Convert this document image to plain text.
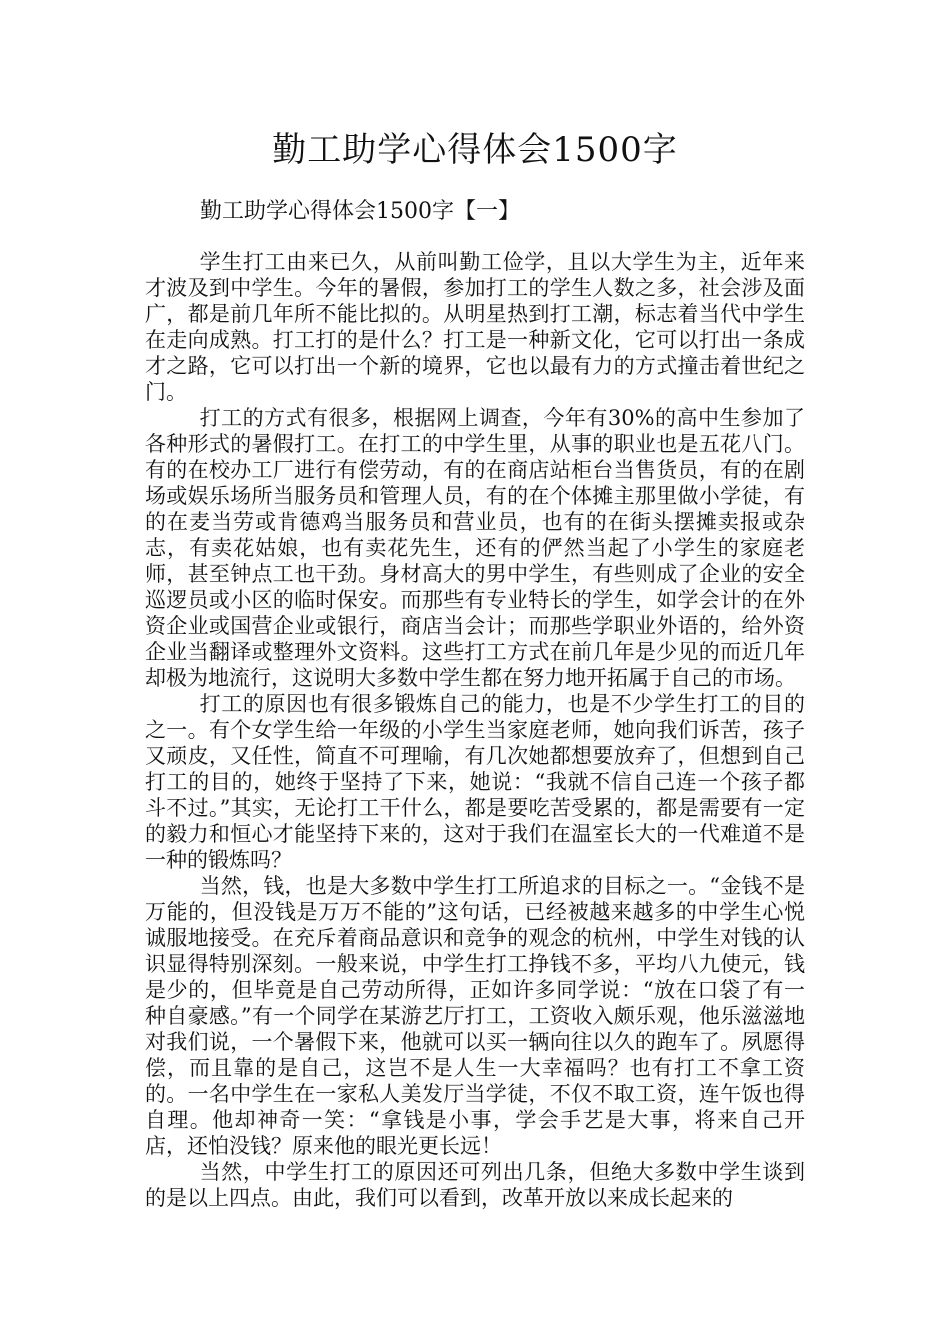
勤工助学心得体会1500字

勤工助学心得体会1500字【一】

学生打工由来已久，从前叫勤工俭学，且以大学生为主，近年来才波及到中学生。今年的暑假，参加打工的学生人数之多，社会涉及面广，都是前几年所不能比拟的。从明星热到打工潮，标志着当代中学生在走向成熟。打工打的是什么？打工是一种新文化，它可以打出一条成才之路，它可以打出一个新的境界，它也以最有力的方式撞击着世纪之门。

打工的方式有很多，根据网上调查，今年有30%的高中生参加了各种形式的暑假打工。在打工的中学生里，从事的职业也是五花八门。有的在校办工厂进行有偿劳动，有的在商店站柜台当售货员，有的在剧场或娱乐场所当服务员和管理人员，有的在个体摊主那里做小学徒，有的在麦当劳或肯德鸡当服务员和营业员，也有的在街头摆摊卖报或杂志，有卖花姑娘，也有卖花先生，还有的俨然当起了小学生的家庭老师，甚至钟点工也干劲。身材高大的男中学生，有些则成了企业的安全巡逻员或小区的临时保安。而那些有专业特长的学生，如学会计的在外资企业或国营企业或银行，商店当会计；而那些学职业外语的，给外资企业当翻译或整理外文资料。这些打工方式在前几年是少见的而近几年却极为地流行，这说明大多数中学生都在努力地开拓属于自己的市场。

打工的原因也有很多锻炼自己的能力，也是不少学生打工的目的之一。有个女学生给一年级的小学生当家庭老师，她向我们诉苦，孩子又顽皮，又任性，简直不可理喻，有几次她都想要放弃了，但想到自己打工的目的，她终于坚持了下来，她说：“我就不信自己连一个孩子都斗不过。”其实，无论打工干什么，都是要吃苦受累的，都是需要有一定的毅力和恒心才能坚持下来的，这对于我们在温室长大的一代难道不是一种的锻炼吗？

当然，钱，也是大多数中学生打工所追求的目标之一。“金钱不是万能的，但没钱是万万不能的”这句话，已经被越来越多的中学生心悦诚服地接受。在充斥着商品意识和竞争的观念的杭州，中学生对钱的认识显得特别深刻。一般来说，中学生打工挣钱不多，平均八九使元，钱是少的，但毕竟是自己劳动所得，正如许多同学说：“放在口袋了有一种自豪感。”有一个同学在某游艺厅打工，工资收入颇乐观，他乐滋滋地对我们说，一个暑假下来，他就可以买一辆向往以久的跑车了。夙愿得偿，而且靠的是自己，这岂不是人生一大幸福吗？也有打工不拿工资的。一名中学生在一家私人美发厅当学徒，不仅不取工资，连午饭也得自理。他却神奇一笑：“拿钱是小事，学会手艺是大事，将来自己开店，还怕没钱？原来他的眼光更长远！

当然，中学生打工的原因还可列出几条，但绝大多数中学生谈到的是以上四点。由此，我们可以看到，改革开放以来成长起来的
